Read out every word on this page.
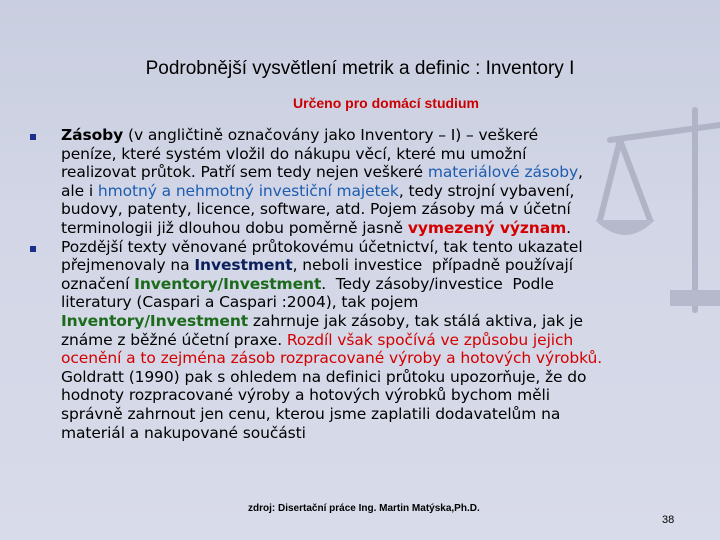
Podrobnější vysvětlení metrik a definic : Inventory I
Určeno pro domácí studium
Zásoby (v angličtině označovány jako Inventory – I) – veškeré
peníze, které systém vložil do nákupu věcí, které mu umožní
realizovat průtok. Patří sem tedy nejen veškeré materiálové zásoby,
ale i hmotný a nehmotný investiční majetek, tedy strojní vybavení,
budovy, patenty, licence, software, atd. Pojem zásoby má v účetní
terminologii již dlouhou dobu poměrně jasně vymezený význam.
Pozdější texty věnované průtokovému účetnictví, tak tento ukazatel
přejmenovaly na Investment, neboli investice  případně používají
označení Inventory/Investment.  Tedy zásoby/investice  Podle
literatury (Caspari a Caspari :2004), tak pojem
Inventory/Investment zahrnuje jak zásoby, tak stálá aktiva, jak je
známe z běžné účetní praxe. Rozdíl však spočívá ve způsobu jejich
ocenění a to zejména zásob rozpracované výroby a hotových výrobků.
Goldratt (1990) pak s ohledem na definici průtoku upozorňuje, že do
hodnoty rozpracované výroby a hotových výrobků bychom měli
správně zahrnout jen cenu, kterou jsme zaplatili dodavatelům na
materiál a nakupované součásti
zdroj: Disertační práce Ing. Martin Matýska,Ph.D.
38
